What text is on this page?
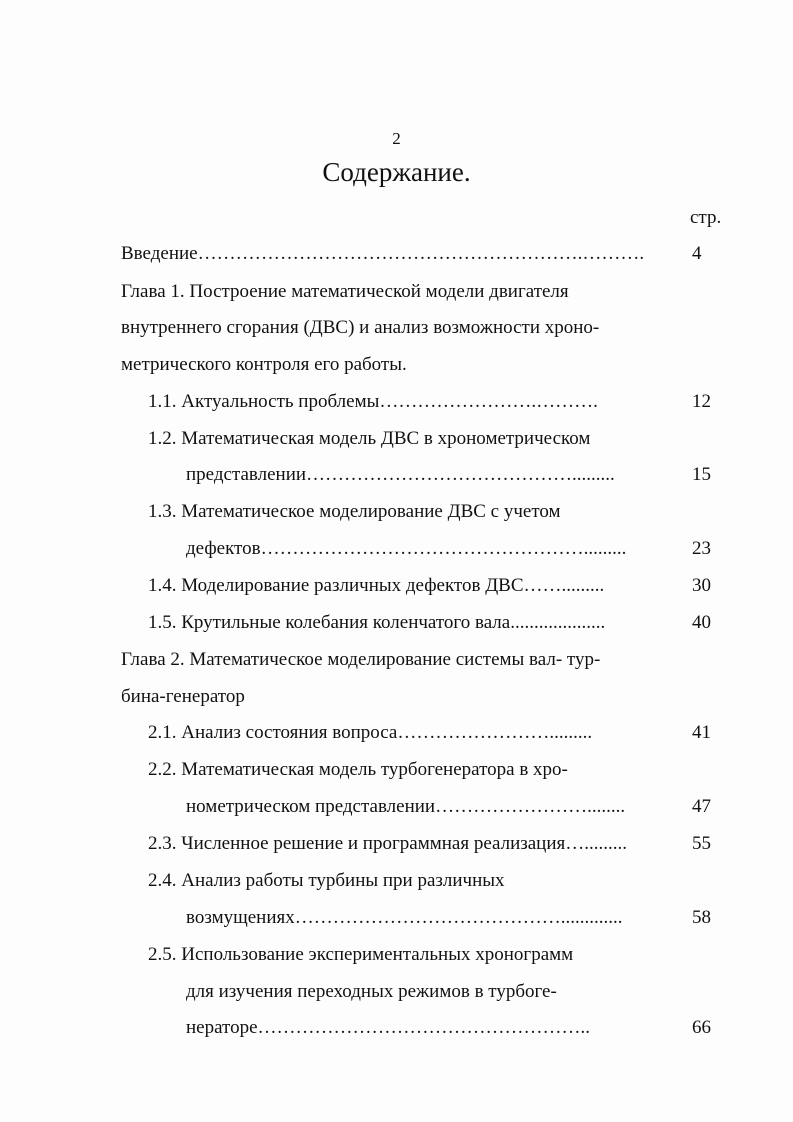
2
Содержание.
стр.
Введение…………………………………………………….……….	4
Глава 1. Построение математической модели двигателя
внутреннего сгорания (ДВС) и анализ возможности хроно-
метрического контроля его работы.
1.1. Актуальность проблемы…………………….……….	12
1.2. Математическая модель ДВС в хронометрическом
представлении…………………………………….........	15
1.3. Математическое моделирование ДВС с учетом
дефектов…………………………………………….........	23
1.4. Моделирование различных дефектов ДВС…….........	30
1.5. Крутильные колебания коленчатого вала....................	40
Глава 2. Математическое моделирование системы вал- тур-
бина-генератор
2.1. Анализ состояния вопроса…………………….........	41
2.2. Математическая модель турбогенератора в хро-
нометрическом представлении……………………........	47
2.3. Численное решение и программная реализация….........	55
2.4. Анализ работы турбины при различных
возмущениях…………………………………….............	58
2.5. Использование экспериментальных хронограмм
для изучения переходных режимов в турбоге-
нераторе……………………………………………..	66
